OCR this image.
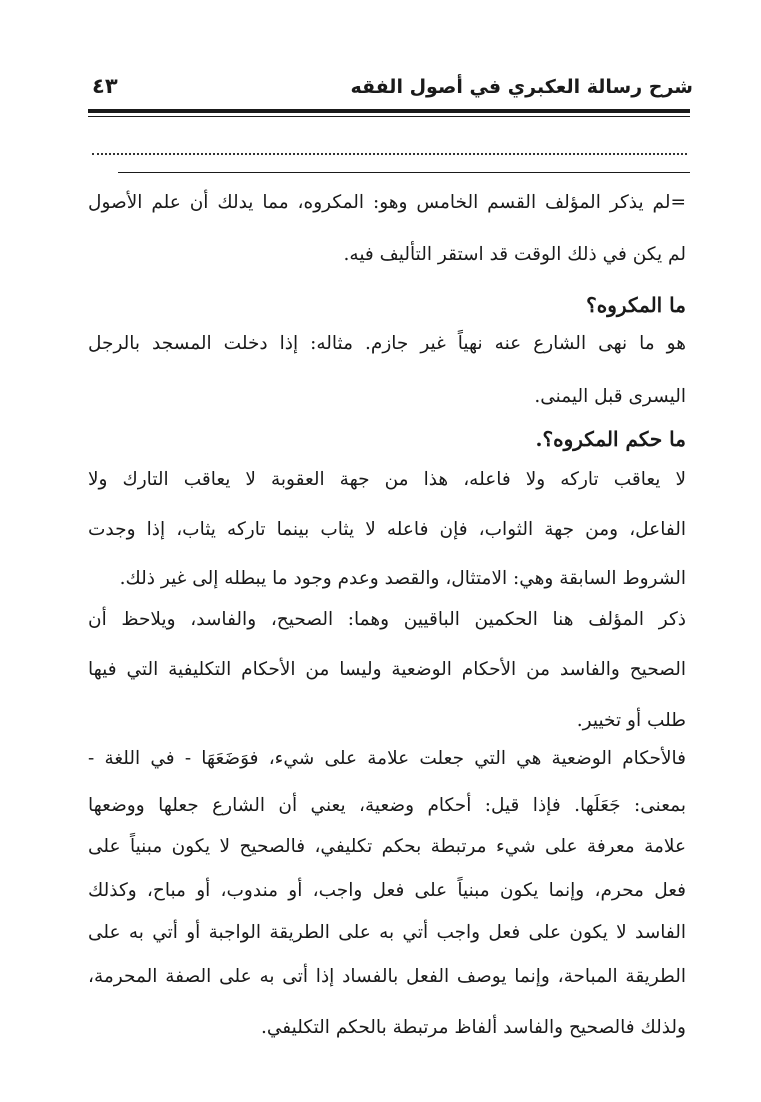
شرح رسالة العكبري في أصول الفقه
٤٣
=لم يذكر المؤلف القسم الخامس وهو: المكروه، مما يدلك أن علم الأصول
لم يكن في ذلك الوقت قد استقر التأليف فيه.
ما المكروه؟
هو ما نهى الشارع عنه نهياً غير جازم. مثاله: إذا دخلت المسجد بالرجل
اليسرى قبل اليمنى.
ما حكم المكروه؟.
لا يعاقب تاركه ولا فاعله، هذا من جهة العقوبة لا يعاقب التارك ولا
الفاعل، ومن جهة الثواب، فإن فاعله لا يثاب بينما تاركه يثاب، إذا وجدت
الشروط السابقة وهي: الامتثال، والقصد وعدم وجود ما يبطله إلى غير ذلك.
ذكر المؤلف هنا الحكمين الباقيين وهما: الصحيح، والفاسد، ويلاحظ أن
الصحيح والفاسد من الأحكام الوضعية وليسا من الأحكام التكليفية التي فيها
طلب أو تخيير.
فالأحكام الوضعية هي التي جعلت علامة على شيء، فوَضَعَهَا - في اللغة -
بمعنى: جَعَلَها. فإذا قيل: أحكام وضعية، يعني أن الشارع جعلها ووضعها
علامة معرفة على شيء مرتبطة بحكم تكليفي، فالصحيح لا يكون مبنياً على
فعل محرم، وإنما يكون مبنياً على فعل واجب، أو مندوب، أو مباح، وكذلك
الفاسد لا يكون على فعل واجب أتي به على الطريقة الواجبة أو أتي به على
الطريقة المباحة، وإنما يوصف الفعل بالفساد إذا أتى به على الصفة المحرمة،
ولذلك فالصحيح والفاسد ألفاظ مرتبطة بالحكم التكليفي.
